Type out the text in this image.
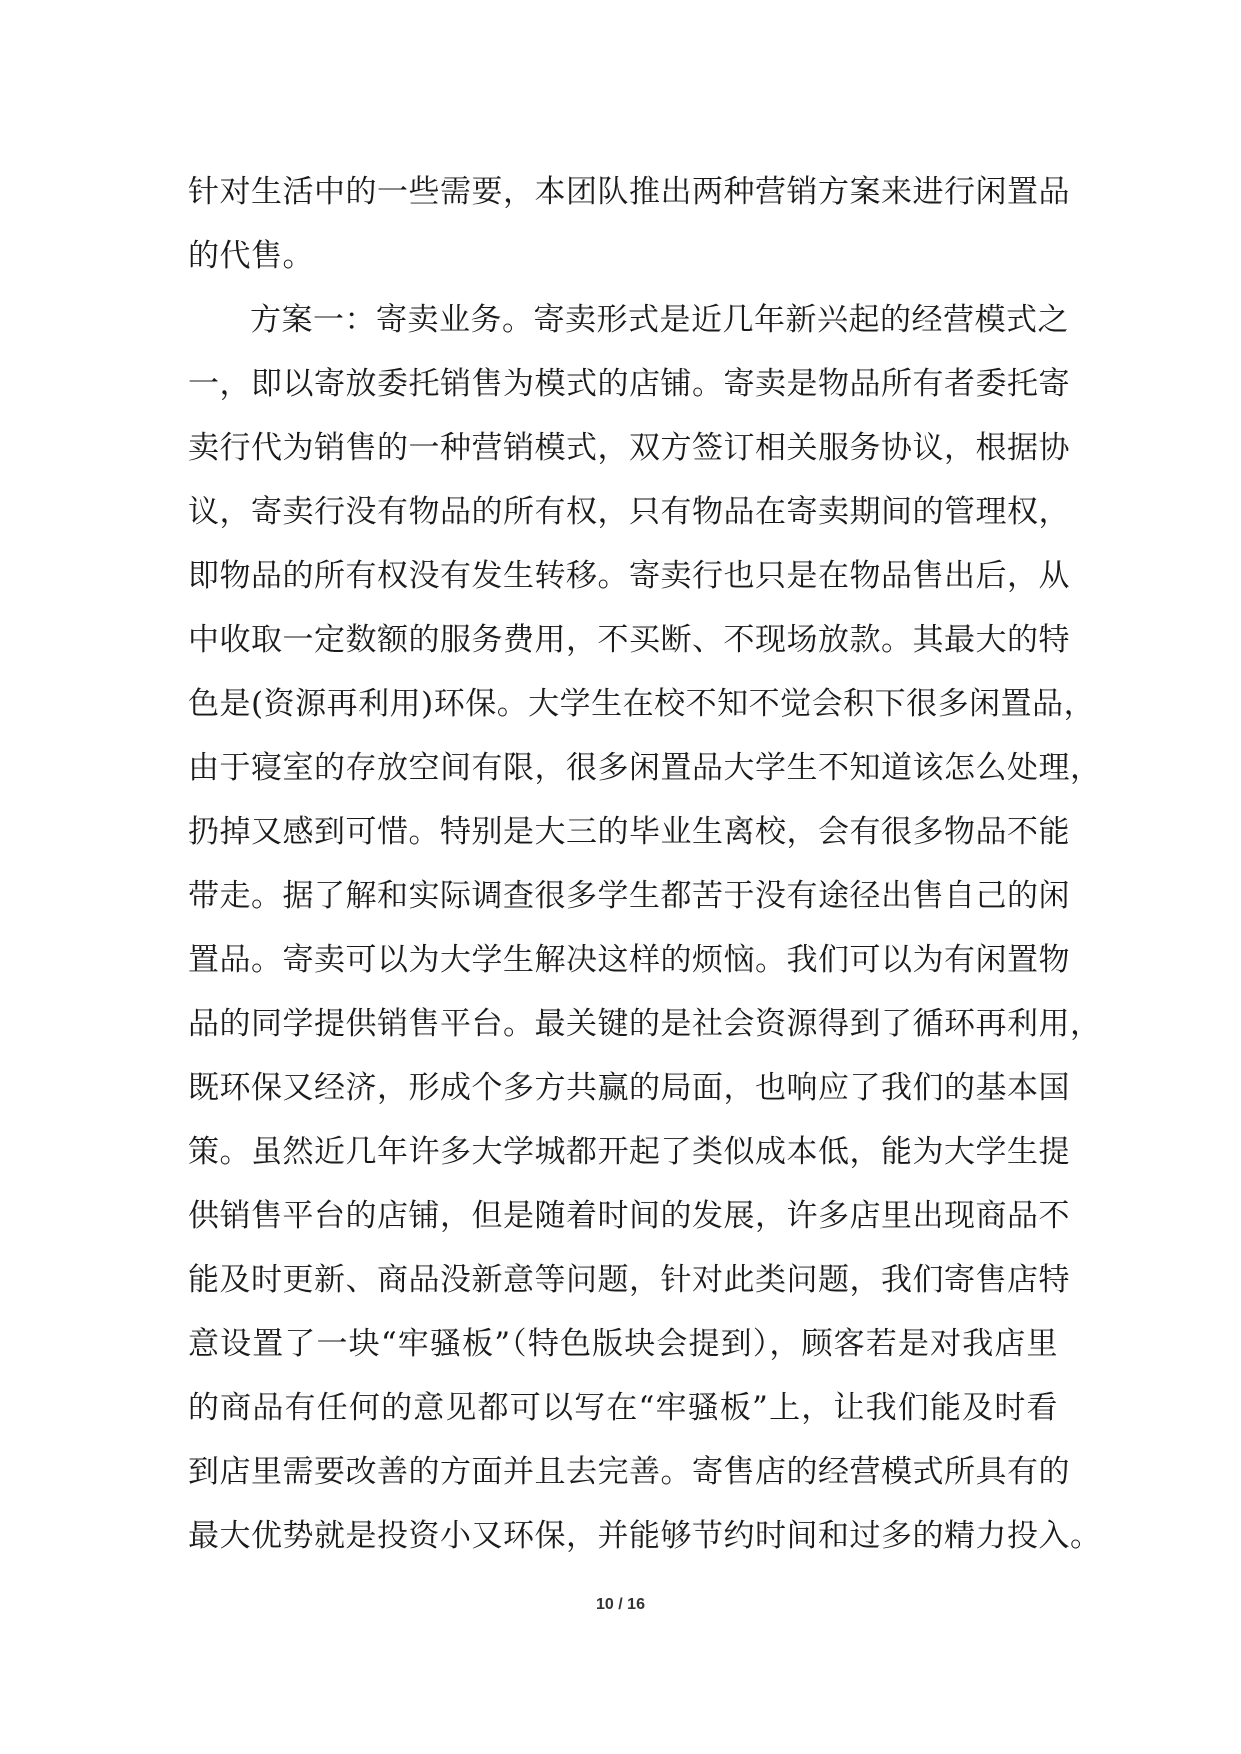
针对生活中的一些需要，本团队推出两种营销方案来进行闲置品
的代售。
方案一：寄卖业务。寄卖形式是近几年新兴起的经营模式之
一，即以寄放委托销售为模式的店铺。寄卖是物品所有者委托寄
卖行代为销售的一种营销模式，双方签订相关服务协议，根据协
议，寄卖行没有物品的所有权，只有物品在寄卖期间的管理权，
即物品的所有权没有发生转移。寄卖行也只是在物品售出后，从
中收取一定数额的服务费用，不买断、不现场放款。其最大的特
色是(资源再利用)环保。大学生在校不知不觉会积下很多闲置品，
由于寝室的存放空间有限，很多闲置品大学生不知道该怎么处理，
扔掉又感到可惜。特别是大三的毕业生离校，会有很多物品不能
带走。据了解和实际调查很多学生都苦于没有途径出售自己的闲
置品。寄卖可以为大学生解决这样的烦恼。我们可以为有闲置物
品的同学提供销售平台。最关键的是社会资源得到了循环再利用，
既环保又经济，形成个多方共赢的局面，也响应了我们的基本国
策。虽然近几年许多大学城都开起了类似成本低，能为大学生提
供销售平台的店铺，但是随着时间的发展，许多店里出现商品不
能及时更新、商品没新意等问题，针对此类问题，我们寄售店特
意设置了一块“牢骚板”（特色版块会提到），顾客若是对我店里
的商品有任何的意见都可以写在“牢骚板”上，让我们能及时看
到店里需要改善的方面并且去完善。寄售店的经营模式所具有的
最大优势就是投资小又环保，并能够节约时间和过多的精力投入。
10 / 16
